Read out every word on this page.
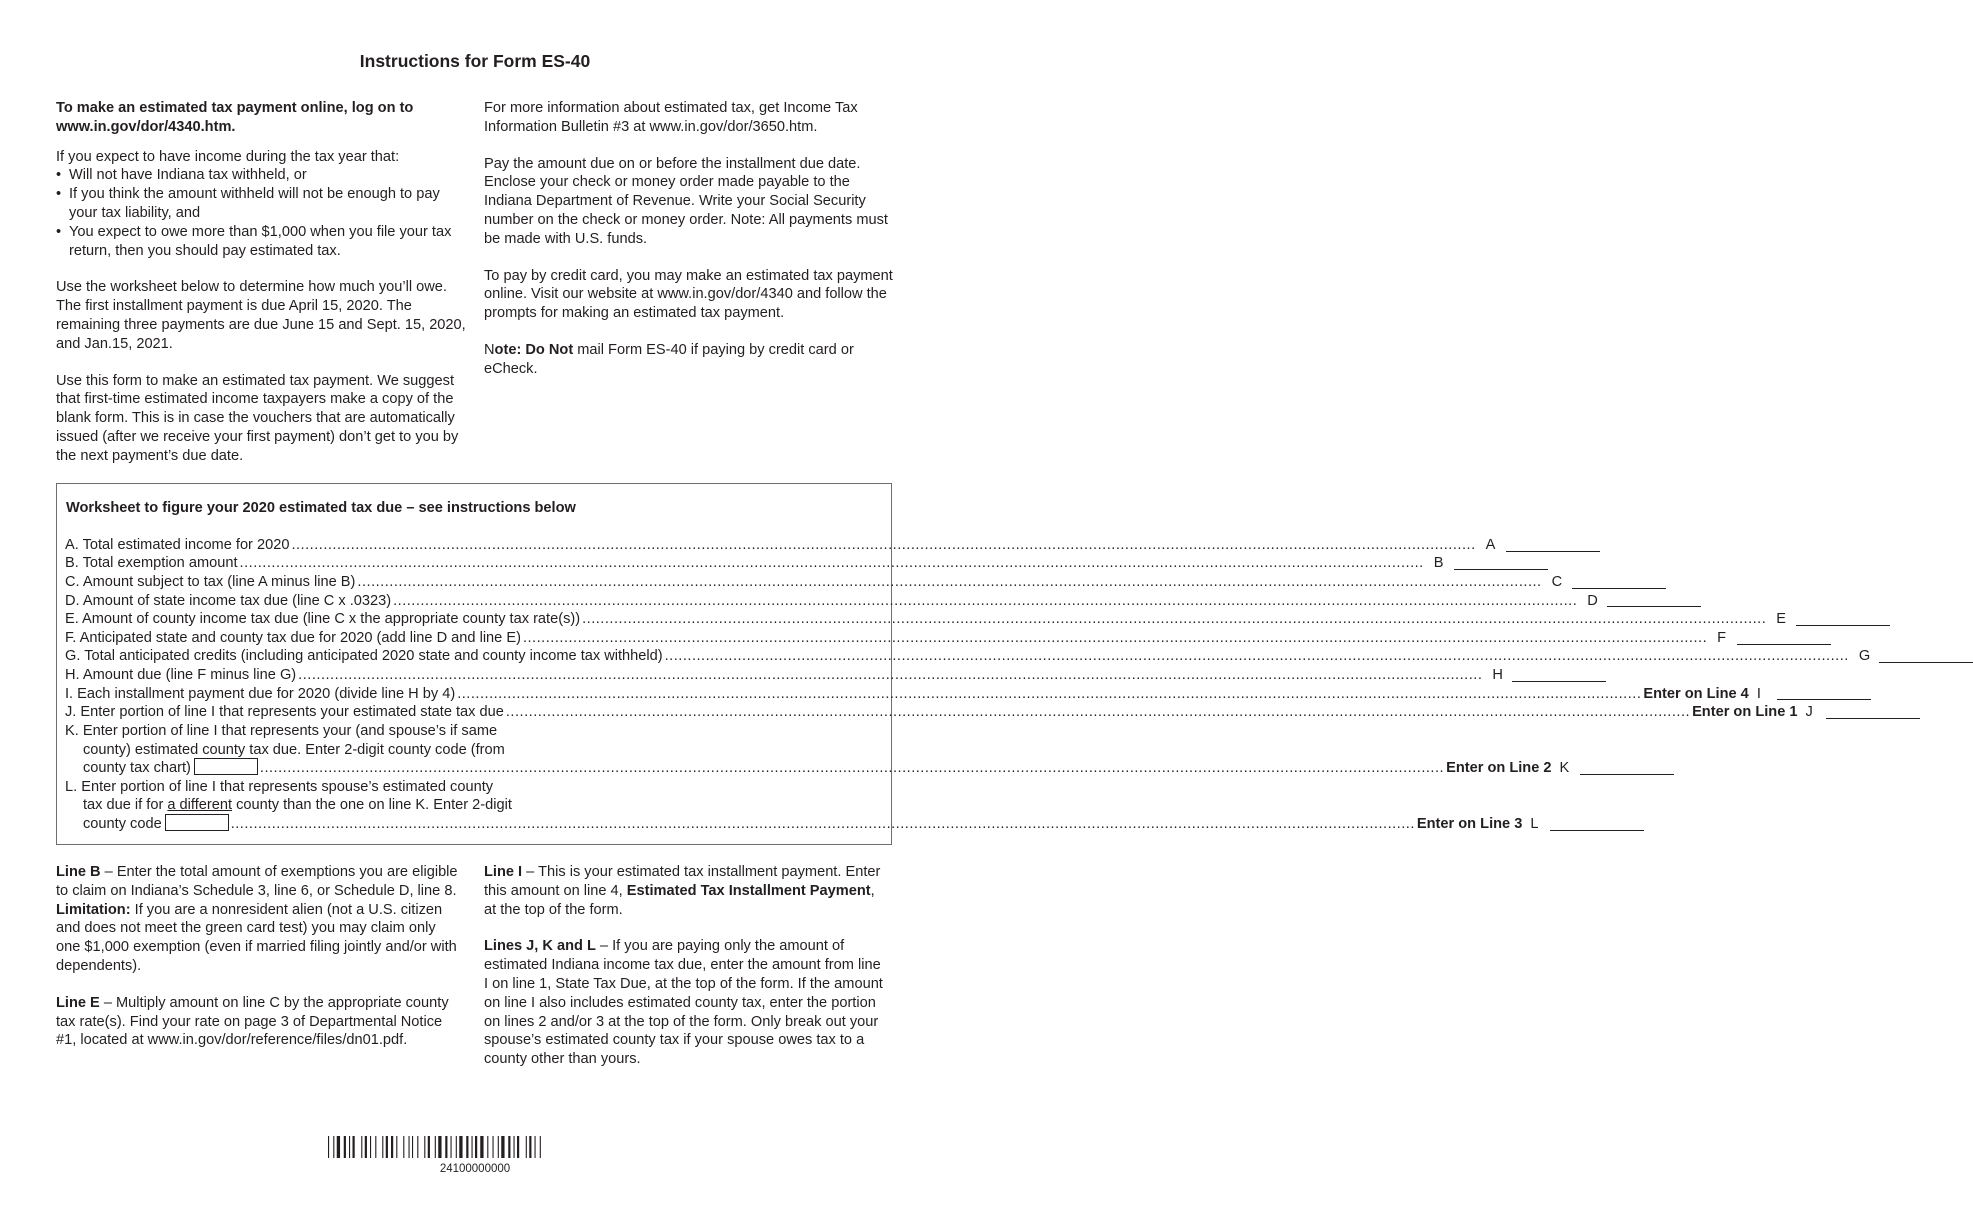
Instructions for Form ES-40

To make an estimated tax payment online, log on to www.in.gov/dor/4340.htm.

If you expect to have income during the tax year that:

• Will not have Indiana tax withheld, or
• If you think the amount withheld will not be enough to pay your tax liability, and
• You expect to owe more than $1,000 when you file your tax return, then you should pay estimated tax.

Use the worksheet below to determine how much you’ll owe. The first installment payment is due April 15, 2020. The remaining three payments are due June 15 and Sept. 15, 2020, and Jan.15, 2021.

Use this form to make an estimated tax payment. We suggest that first-time estimated income taxpayers make a copy of the blank form. This is in case the vouchers that are automatically issued (after we receive your first payment) don’t get to you by the next payment’s due date.

For more information about estimated tax, get Income Tax Information Bulletin #3 at www.in.gov/dor/3650.htm.

Pay the amount due on or before the installment due date. Enclose your check or money order made payable to the Indiana Department of Revenue. Write your Social Security number on the check or money order. Note: All payments must be made with U.S. funds.

To pay by credit card, you may make an estimated tax payment online. Visit our website at www.in.gov/dor/4340 and follow the prompts for making an estimated tax payment.

Note: Do Not mail Form ES-40 if paying by credit card or eCheck.

Worksheet to figure your 2020 estimated tax due – see instructions below
A. Total estimated income for 2020 .................................................................................................................................................................................................................................................................... A
B. Total exemption amount .................................................................................................................................................................................................................................................................... B
C. Amount subject to tax (line A minus line B) .................................................................................................................................................................................................................................................................... C
D. Amount of state income tax due (line C x .0323) .................................................................................................................................................................................................................................................................... D
E. Amount of county income tax due (line C x the appropriate county tax rate(s)) .................................................................................................................................................................................................................................................................... E
F. Anticipated state and county tax due for 2020 (add line D and line E) .................................................................................................................................................................................................................................................................... F
G. Total anticipated credits (including anticipated 2020 state and county income tax withheld) .................................................................................................................................................................................................................................................................... G
H. Amount due (line F minus line G) .................................................................................................................................................................................................................................................................... H
I. Each installment payment due for 2020 (divide line H by 4) .................................................................................................................................................................................................................................................................... Enter on Line 4 I
J. Enter portion of line I that represents your estimated state tax due .................................................................................................................................................................................................................................................................... Enter on Line 1 J
K. Enter portion of line I that represents your (and spouse’s if same
county) estimated county tax due. Enter 2-digit county code (from
county tax chart)	.................................................................................................................................................................................................................................................................... Enter on Line 2 K
L. Enter portion of line I that represents spouse’s estimated county
tax due if for a different county than the one on line K. Enter 2-digit
county code	.................................................................................................................................................................................................................................................................... Enter on Line 3 L

Line B – Enter the total amount of exemptions you are eligible to claim on Indiana’s Schedule 3, line 6, or Schedule D, line 8. Limitation: If you are a nonresident alien (not a U.S. citizen and does not meet the green card test) you may claim only one $1,000 exemption (even if married filing jointly and/or with dependents).

Line E – Multiply amount on line C by the appropriate county tax rate(s). Find your rate on page 3 of Departmental Notice #1, located at www.in.gov/dor/reference/files/dn01.pdf.

Line I – This is your estimated tax installment payment. Enter this amount on line 4, Estimated Tax Installment Payment, at the top of the form.

Lines J, K and L – If you are paying only the amount of estimated Indiana income tax due, enter the amount from line I on line 1, State Tax Due, at the top of the form. If the amount on line I also includes estimated county tax, enter the portion on lines 2 and/or 3 at the top of the form. Only break out your spouse’s estimated county tax if your spouse owes tax to a county other than yours.

24100000000
